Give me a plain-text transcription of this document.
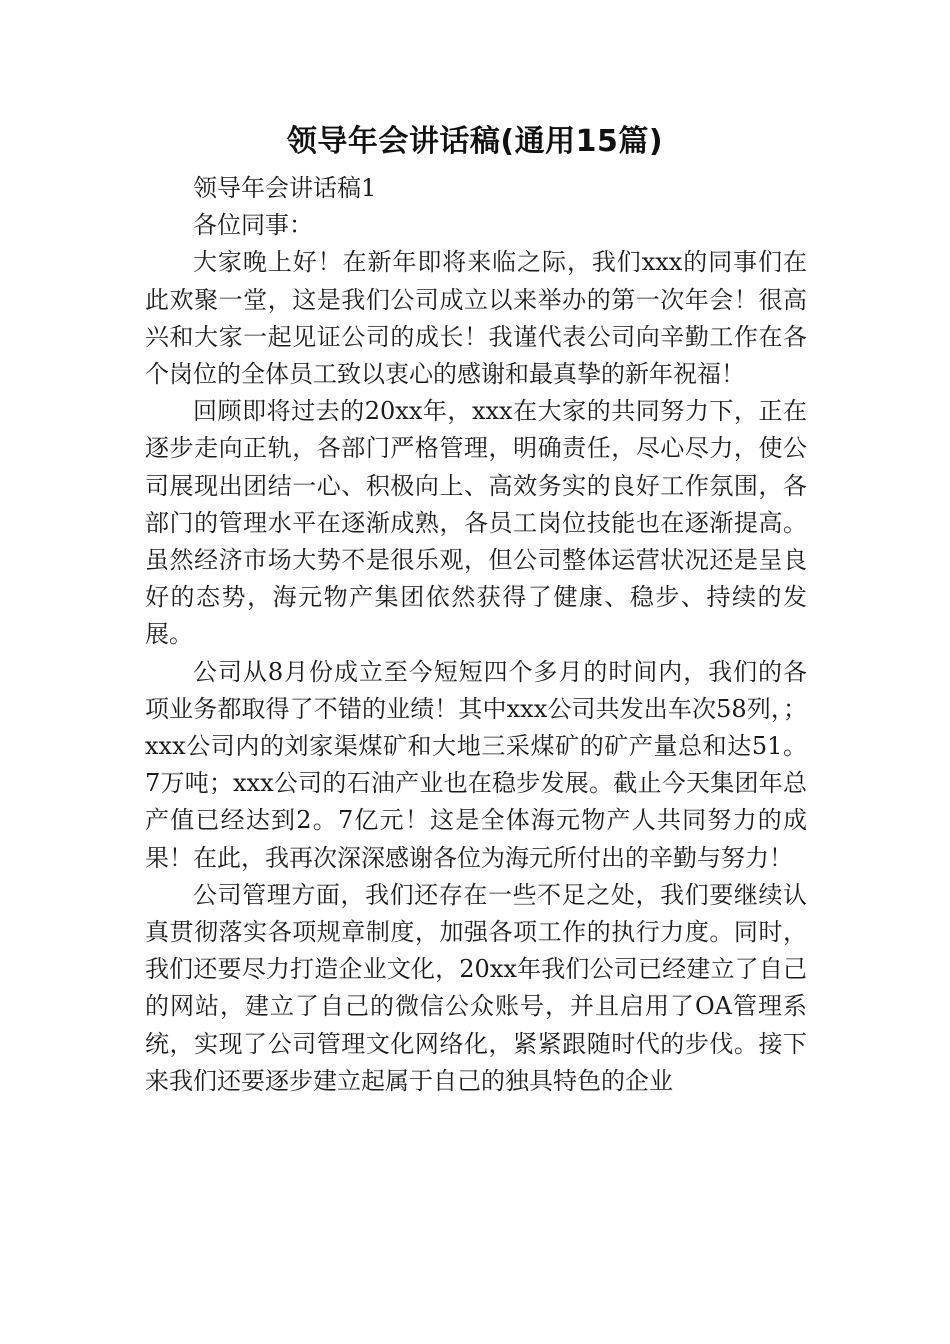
领导年会讲话稿(通用15篇)

领导年会讲话稿1

各位同事：

大家晚上好！在新年即将来临之际，我们xxx的同事们在此欢聚一堂，这是我们公司成立以来举办的第一次年会！很高兴和大家一起见证公司的成长！我谨代表公司向辛勤工作在各个岗位的全体员工致以衷心的感谢和最真挚的新年祝福！

回顾即将过去的20xx年，xxx在大家的共同努力下，正在逐步走向正轨，各部门严格管理，明确责任，尽心尽力，使公司展现出团结一心、积极向上、高效务实的良好工作氛围，各部门的管理水平在逐渐成熟，各员工岗位技能也在逐渐提高。虽然经济市场大势不是很乐观，但公司整体运营状况还是呈良好的态势，海元物产集团依然获得了健康、稳步、持续的发展。

公司从8月份成立至今短短四个多月的时间内，我们的各项业务都取得了不错的业绩！其中xxx公司共发出车次58列，；xxx公司内的刘家渠煤矿和大地三采煤矿的矿产量总和达51。7万吨；xxx公司的石油产业也在稳步发展。截止今天集团年总产值已经达到2。7亿元！这是全体海元物产人共同努力的成果！在此，我再次深深感谢各位为海元所付出的辛勤与努力！

公司管理方面，我们还存在一些不足之处，我们要继续认真贯彻落实各项规章制度，加强各项工作的执行力度。同时，我们还要尽力打造企业文化，20xx年我们公司已经建立了自己的网站，建立了自己的微信公众账号，并且启用了OA管理系统，实现了公司管理文化网络化，紧紧跟随时代的步伐。接下来我们还要逐步建立起属于自己的独具特色的企业
